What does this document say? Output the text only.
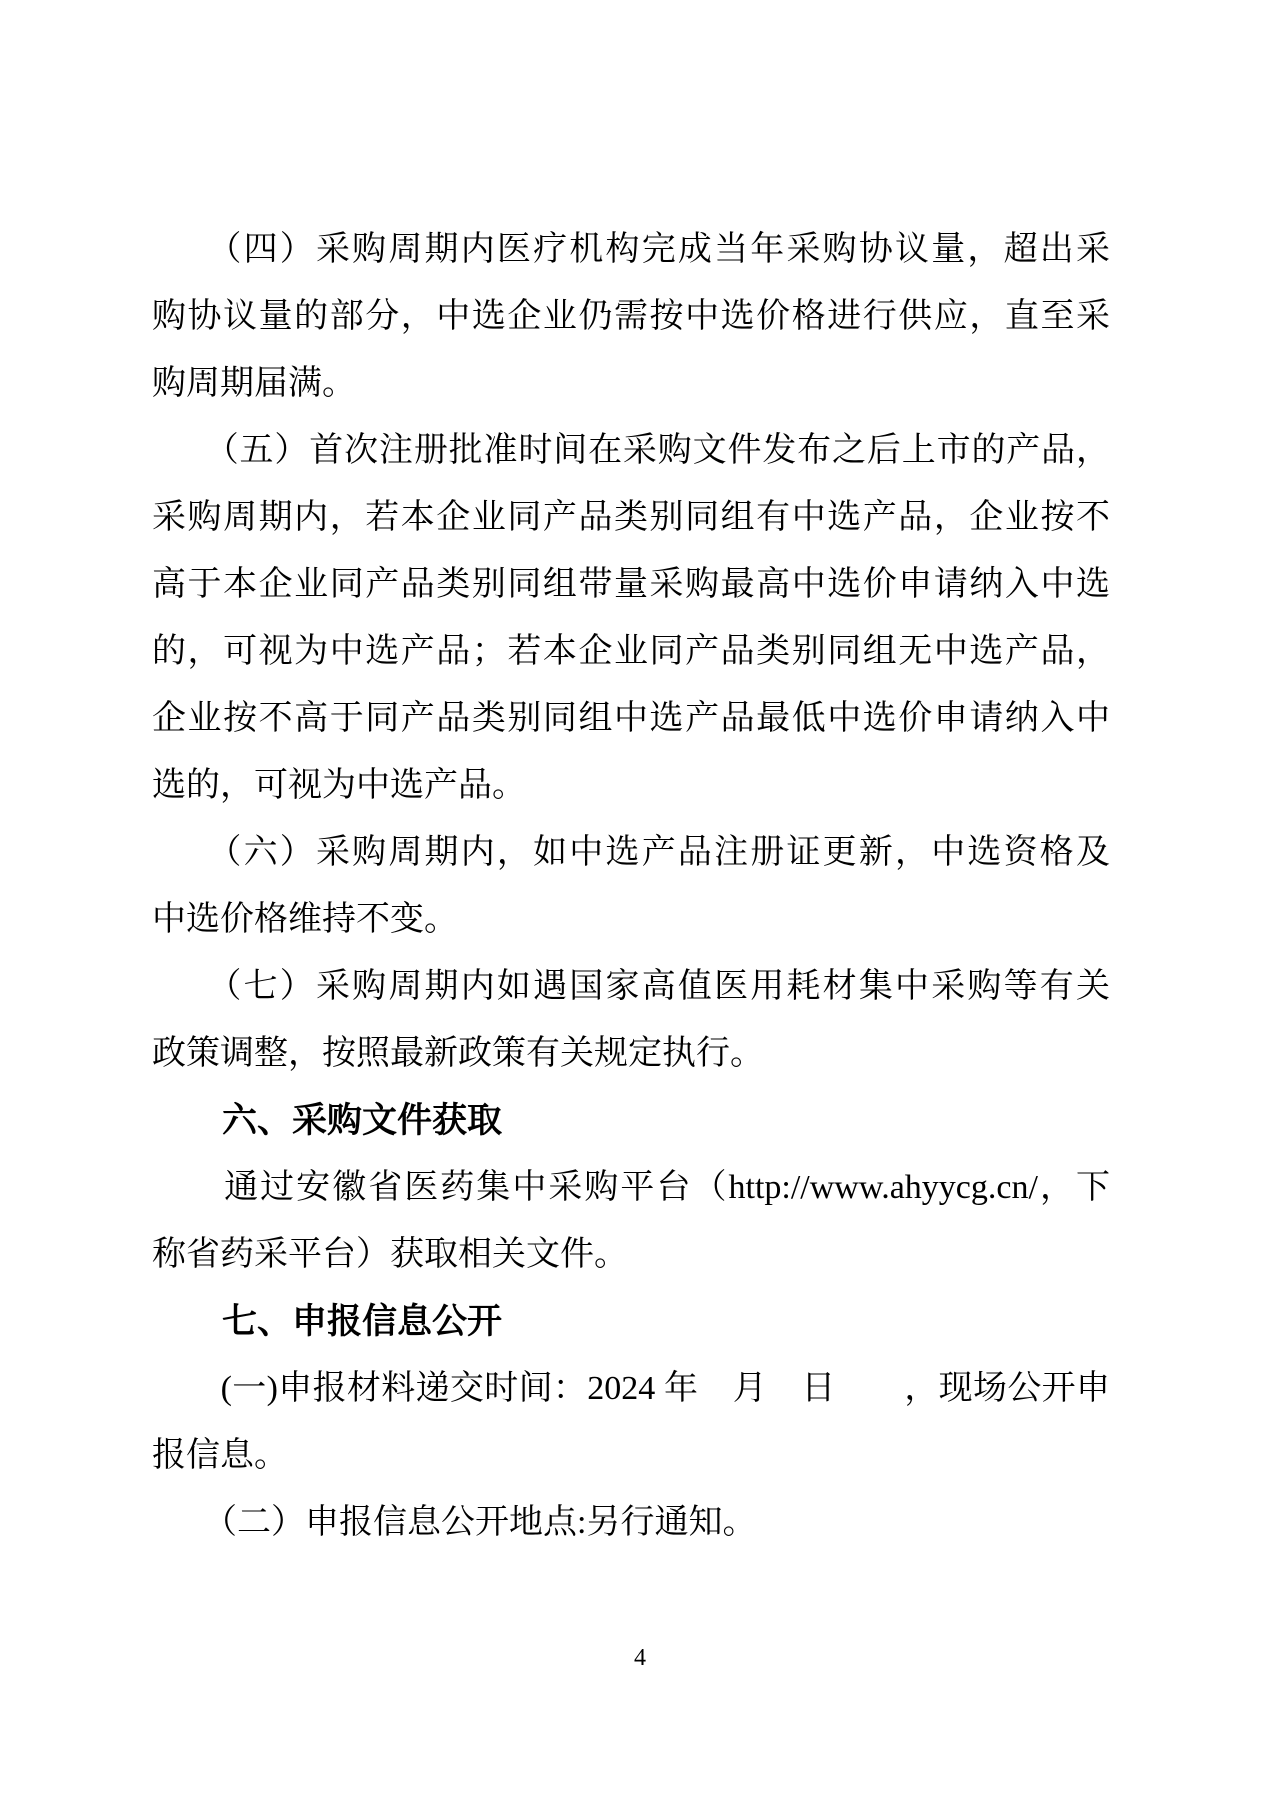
　　（四）采购周期内医疗机构完成当年采购协议量，超出采
购协议量的部分，中选企业仍需按中选价格进行供应，直至采
购周期届满。
　　（五）首次注册批准时间在采购文件发布之后上市的产品，
采购周期内，若本企业同产品类别同组有中选产品，企业按不
高于本企业同产品类别同组带量采购最高中选价申请纳入中选
的，可视为中选产品；若本企业同产品类别同组无中选产品，
企业按不高于同产品类别同组中选产品最低中选价申请纳入中
选的，可视为中选产品。
　　（六）采购周期内，如中选产品注册证更新，中选资格及
中选价格维持不变。
　　（七）采购周期内如遇国家高值医用耗材集中采购等有关
政策调整，按照最新政策有关规定执行。
　　六、采购文件获取
　　通过安徽省医药集中采购平台（http://www.ahyycg.cn/，下
称省药采平台）获取相关文件。
　　七、申报信息公开
　　(一)申报材料递交时间：2024 年　月　日　　，现场公开申
报信息。
　　（二）申报信息公开地点:另行通知。
4
